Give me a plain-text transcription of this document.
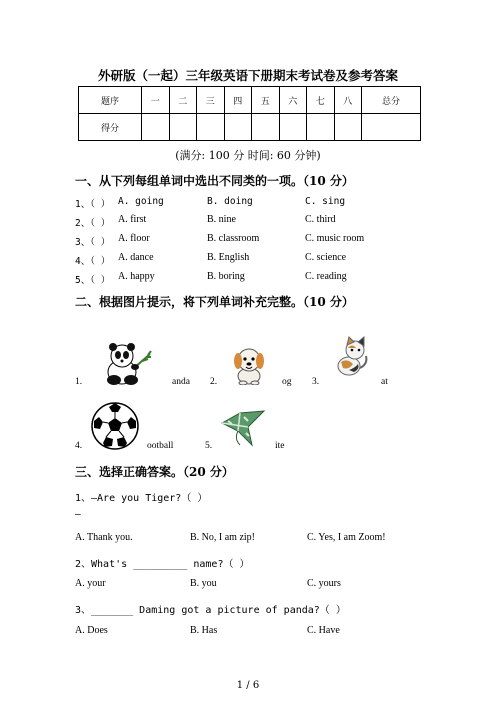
外研版（一起）三年级英语下册期末考试卷及参考答案
题序	一	二	三	四	五	六	七	八	总分
得分									
(满分: 100 分 时间: 60 分钟)
一、从下列每组单词中选出不同类的一项。（10 分）
1、（ ） A. going	B. doing	C. sing
2、（ ） A. first	B. nine	C. third
3、（ ） A. floor	B. classroom	C. music room
4、（ ） A. dance	B. English	C. science
5、（ ） A. happy	B. boring	C. reading
二、根据图片提示，将下列单词补充完整。（10 分）
1.	anda 2.	og 3.	at
4.	ootball	5.	ite
三、选择正确答案。（20 分）
1、—Are you Tiger?（ ）
—
A. Thank you.	B. No, I am zip!	C. Yes, I am Zoom!
2、What's _________ name?（ ）
A. your	B. you	C. yours
3、_______ Daming got a picture of panda?（ ）
A. Does	B. Has	C. Have
1 / 6
